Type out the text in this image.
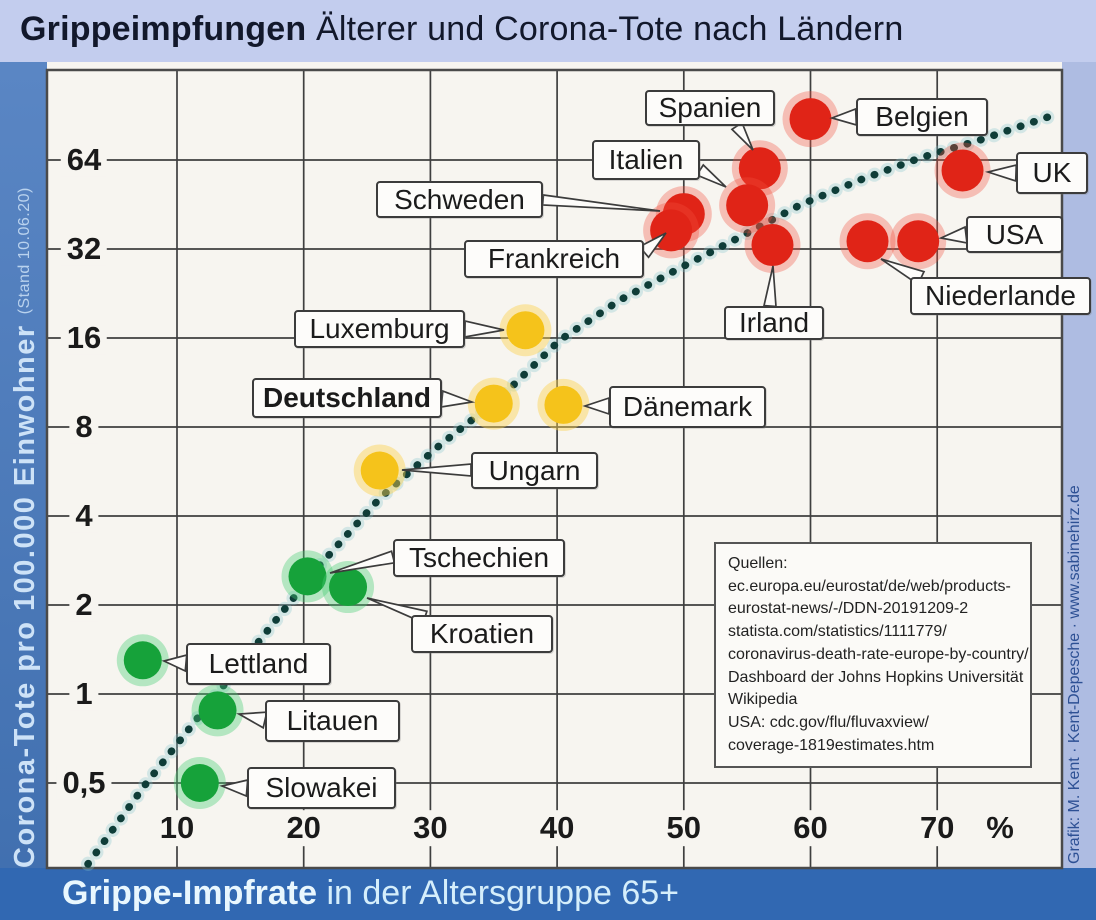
Grippeimpfungen Älterer und Corona-Tote nach Ländern
Corona-Tote pro 100.000 Einwohner
(Stand 10.06.20)
Grafik: M. Kent · Kent-Depesche · www.sabinehirz.de
Grippe-Impfrate in der Altersgruppe 65+
64
32
16
8
4
2
1
0,5
10	20	30	40	50	60	70 %
Belgien
Spanien
Italien	UK
Schweden
Frankreich
Irland
Niederlande
USA
Luxemburg
Deutschland	Dänemark
Ungarn
Tschechien
Kroatien
Lettland
Litauen
Slowakei
Quellen:
ec.europa.eu/eurostat/de/web/products-
eurostat-news/-/DDN-20191209-2
statista.com/statistics/1111779/
coronavirus-death-rate-europe-by-country/
Dashboard der Johns Hopkins Universität
Wikipedia
USA: cdc.gov/flu/fluvaxview/
coverage-1819estimates.htm
